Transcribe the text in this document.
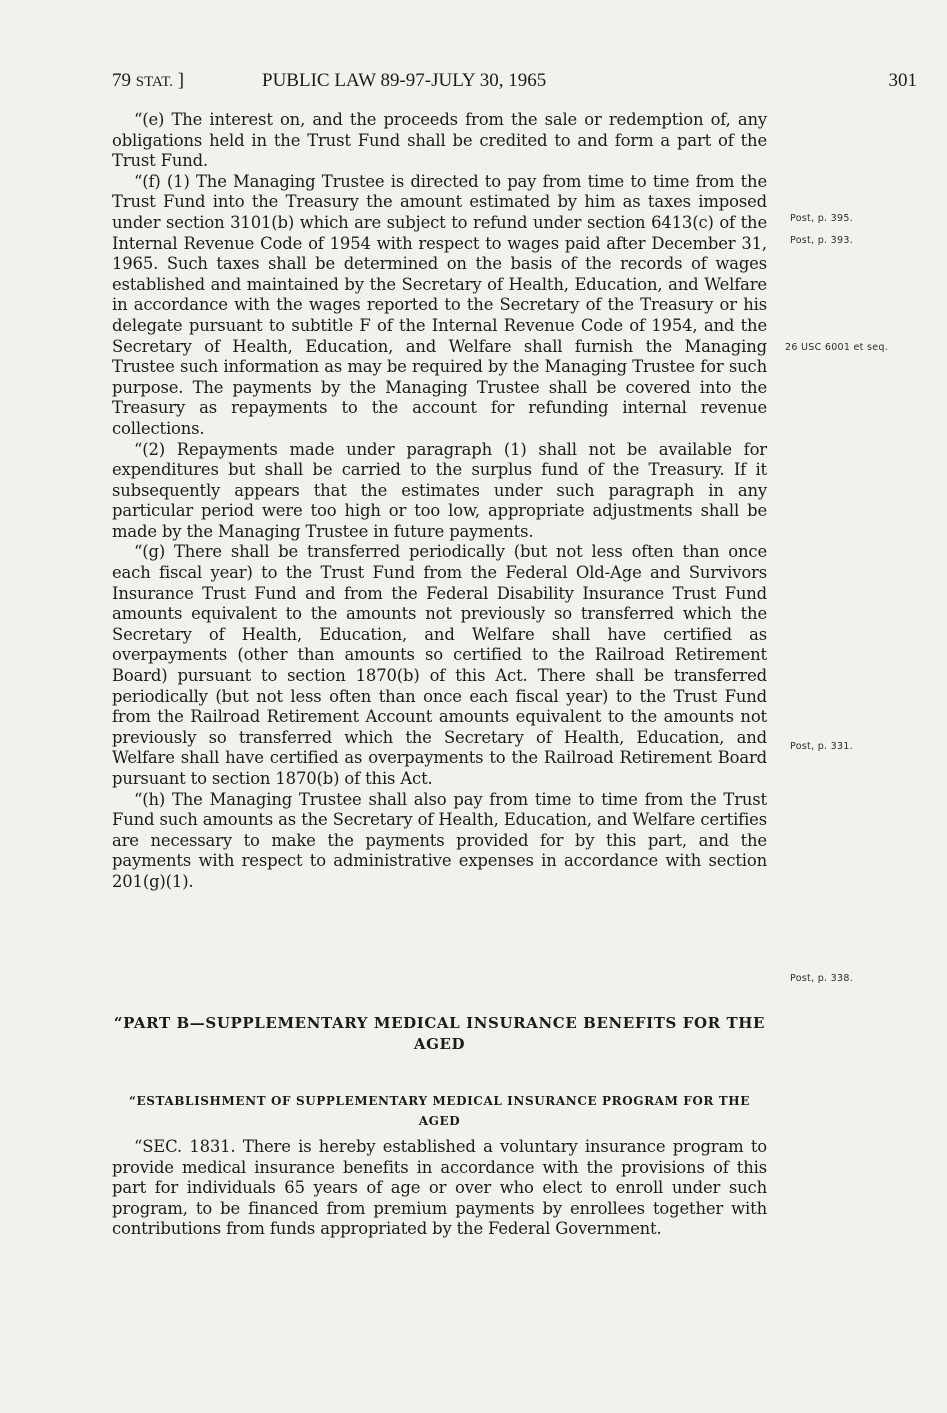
79 STAT. ]	PUBLIC LAW 89-97-JULY 30, 1965	301

“(e) The interest on, and the proceeds from the sale or redemption of, any obligations held in the Trust Fund shall be credited to and form a part of the Trust Fund.

“(f) (1) The Managing Trustee is directed to pay from time to time from the Trust Fund into the Treasury the amount estimated by him as taxes imposed under section 3101(b) which are subject to refund under section 6413(c) of the Internal Revenue Code of 1954 with respect to wages paid after December 31, 1965. Such taxes shall be determined on the basis of the records of wages established and maintained by the Secretary of Health, Education, and Welfare in accordance with the wages reported to the Secretary of the Treasury or his delegate pursuant to subtitle F of the Internal Revenue Code of 1954, and the Secretary of Health, Education, and Welfare shall furnish the Managing Trustee such information as may be required by the Managing Trustee for such purpose. The payments by the Managing Trustee shall be covered into the Treasury as repayments to the account for refunding internal revenue collections.

“(2) Repayments made under paragraph (1) shall not be available for expenditures but shall be carried to the surplus fund of the Treasury. If it subsequently appears that the estimates under such paragraph in any particular period were too high or too low, appropriate adjustments shall be made by the Managing Trustee in future payments.

“(g) There shall be transferred periodically (but not less often than once each fiscal year) to the Trust Fund from the Federal Old-Age and Survivors Insurance Trust Fund and from the Federal Disability Insurance Trust Fund amounts equivalent to the amounts not previously so transferred which the Secretary of Health, Education, and Welfare shall have certified as overpayments (other than amounts so certified to the Railroad Retirement Board) pursuant to section 1870(b) of this Act. There shall be transferred periodically (but not less often than once each fiscal year) to the Trust Fund from the Railroad Retirement Account amounts equivalent to the amounts not previously so transferred which the Secretary of Health, Education, and Welfare shall have certified as overpayments to the Railroad Retirement Board pursuant to section 1870(b) of this Act.

“(h) The Managing Trustee shall also pay from time to time from the Trust Fund such amounts as the Secretary of Health, Education, and Welfare certifies are necessary to make the payments provided for by this part, and the payments with respect to administrative expenses in accordance with section 201(g)(1).

“PART B—SUPPLEMENTARY MEDICAL INSURANCE BENEFITS FOR THE AGED
“ESTABLISHMENT OF SUPPLEMENTARY MEDICAL INSURANCE PROGRAM FOR THE AGED

“SEC. 1831. There is hereby established a voluntary insurance program to provide medical insurance benefits in accordance with the provisions of this part for individuals 65 years of age or over who elect to enroll under such program, to be financed from premium payments by enrollees together with contributions from funds appropriated by the Federal Government.

Post, p. 395.
Post, p. 393.
26 USC 6001 et seq.
Post, p. 331.
Post, p. 338.
